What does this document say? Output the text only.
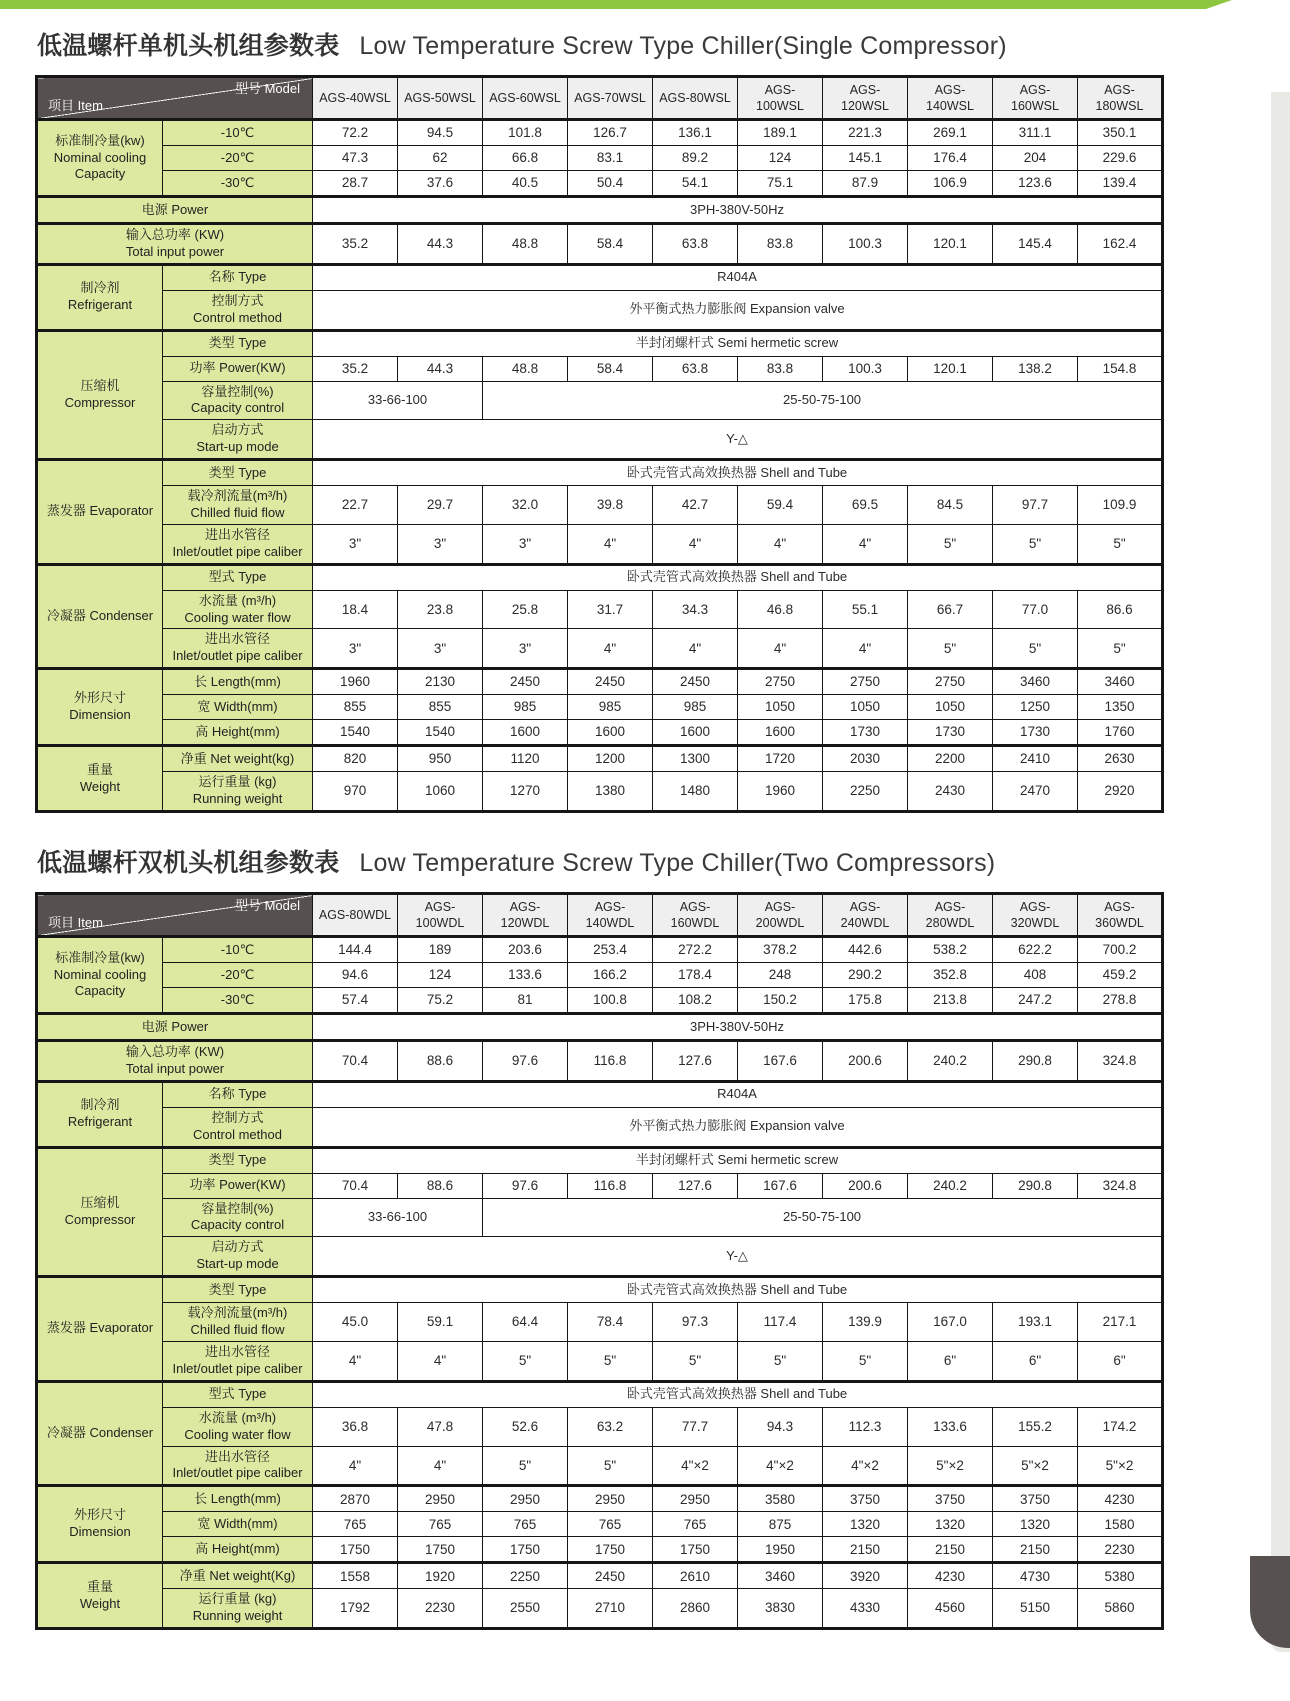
低温螺杆单机头机组参数表 Low Temperature Screw Type Chiller(Single Compressor)
型号 Model
项目 Item		AGS-40WSL	AGS-50WSL	AGS-60WSL	AGS-70WSL	AGS-80WSL	AGS-100WSL	AGS-120WSL	AGS-140WSL	AGS-160WSL	AGS-180WSL

标准制冷量(kw)
Nominal cooling
Capacity	-10℃	72.2	94.5	101.8	126.7	136.1	189.1	221.3	269.1	311.1	350.1

	-20℃	47.3	62	66.8	83.1	89.2	124	145.1	176.4	204	229.6

	-30℃	28.7	37.6	40.5	50.4	54.1	75.1	87.9	106.9	123.6	139.4

电源 Power		3PH-380V-50Hz									

输入总功率 (KW)
Total input power		35.2	44.3	48.8	58.4	63.8	83.8	100.3	120.1	145.4	162.4

制冷剂
Refrigerant	名称 Type	R404A									

	控制方式
Control method	外平衡式热力膨胀阀 Expansion valve									

压缩机
Compressor	类型 Type	半封闭螺杆式 Semi hermetic screw									

	功率 Power(KW)	35.2	44.3	48.8	58.4	63.8	83.8	100.3	120.1	138.2	154.8

	容量控制(%)
Capacity control	33-66-100		25-50-75-100							

	启动方式
Start-up mode	Y-△									

蒸发器 Evaporator	类型 Type	卧式壳管式高效换热器 Shell and Tube									

	载冷剂流量(m³/h)
Chilled fluid flow	22.7	29.7	32.0	39.8	42.7	59.4	69.5	84.5	97.7	109.9

	进出水管径
Inlet/outlet pipe caliber	3"	3"	3"	4"	4"	4"	4"	5"	5"	5"

冷凝器 Condenser	型式 Type	卧式壳管式高效换热器 Shell and Tube									

	水流量 (m³/h)
Cooling water flow	18.4	23.8	25.8	31.7	34.3	46.8	55.1	66.7	77.0	86.6

	进出水管径
Inlet/outlet pipe caliber	3"	3"	3"	4"	4"	4"	4"	5"	5"	5"

外形尺寸
Dimension	长 Length(mm)	1960	2130	2450	2450	2450	2750	2750	2750	3460	3460

	宽 Width(mm)	855	855	985	985	985	1050	1050	1050	1250	1350

	高 Height(mm)	1540	1540	1600	1600	1600	1600	1730	1730	1730	1760

重量
Weight	净重 Net weight(kg)	820	950	1120	1200	1300	1720	2030	2200	2410	2630

	运行重量 (kg)
Running weight	970	1060	1270	1380	1480	1960	2250	2430	2470	2920
低温螺杆双机头机组参数表 Low Temperature Screw Type Chiller(Two Compressors)
型号 Model
项目 Item		AGS-80WDL	AGS-100WDL	AGS-120WDL	AGS-140WDL	AGS-160WDL	AGS-200WDL	AGS-240WDL	AGS-280WDL	AGS-320WDL	AGS-360WDL

标准制冷量(kw)
Nominal cooling
Capacity	-10℃	144.4	189	203.6	253.4	272.2	378.2	442.6	538.2	622.2	700.2

	-20℃	94.6	124	133.6	166.2	178.4	248	290.2	352.8	408	459.2

	-30℃	57.4	75.2	81	100.8	108.2	150.2	175.8	213.8	247.2	278.8

电源 Power		3PH-380V-50Hz									

输入总功率 (KW)
Total input power		70.4	88.6	97.6	116.8	127.6	167.6	200.6	240.2	290.8	324.8

制冷剂
Refrigerant	名称 Type	R404A									

	控制方式
Control method	外平衡式热力膨胀阀 Expansion valve									

压缩机
Compressor	类型 Type	半封闭螺杆式 Semi hermetic screw									

	功率 Power(KW)	70.4	88.6	97.6	116.8	127.6	167.6	200.6	240.2	290.8	324.8

	容量控制(%)
Capacity control	33-66-100		25-50-75-100							

	启动方式
Start-up mode	Y-△									

蒸发器 Evaporator	类型 Type	卧式壳管式高效换热器 Shell and Tube									

	载冷剂流量(m³/h)
Chilled fluid flow	45.0	59.1	64.4	78.4	97.3	117.4	139.9	167.0	193.1	217.1

	进出水管径
Inlet/outlet pipe caliber	4"	4"	5"	5"	5"	5"	5"	6"	6"	6"

冷凝器 Condenser	型式 Type	卧式壳管式高效换热器 Shell and Tube									

	水流量 (m³/h)
Cooling water flow	36.8	47.8	52.6	63.2	77.7	94.3	112.3	133.6	155.2	174.2

	进出水管径
Inlet/outlet pipe caliber	4"	4"	5"	5"	4"×2	4"×2	4"×2	5"×2	5"×2	5"×2

外形尺寸
Dimension	长 Length(mm)	2870	2950	2950	2950	2950	3580	3750	3750	3750	4230

	宽 Width(mm)	765	765	765	765	765	875	1320	1320	1320	1580

	高 Height(mm)	1750	1750	1750	1750	1750	1950	2150	2150	2150	2230

重量
Weight	净重 Net weight(Kg)	1558	1920	2250	2450	2610	3460	3920	4230	4730	5380

	运行重量 (kg)
Running weight	1792	2230	2550	2710	2860	3830	4330	4560	5150	5860
